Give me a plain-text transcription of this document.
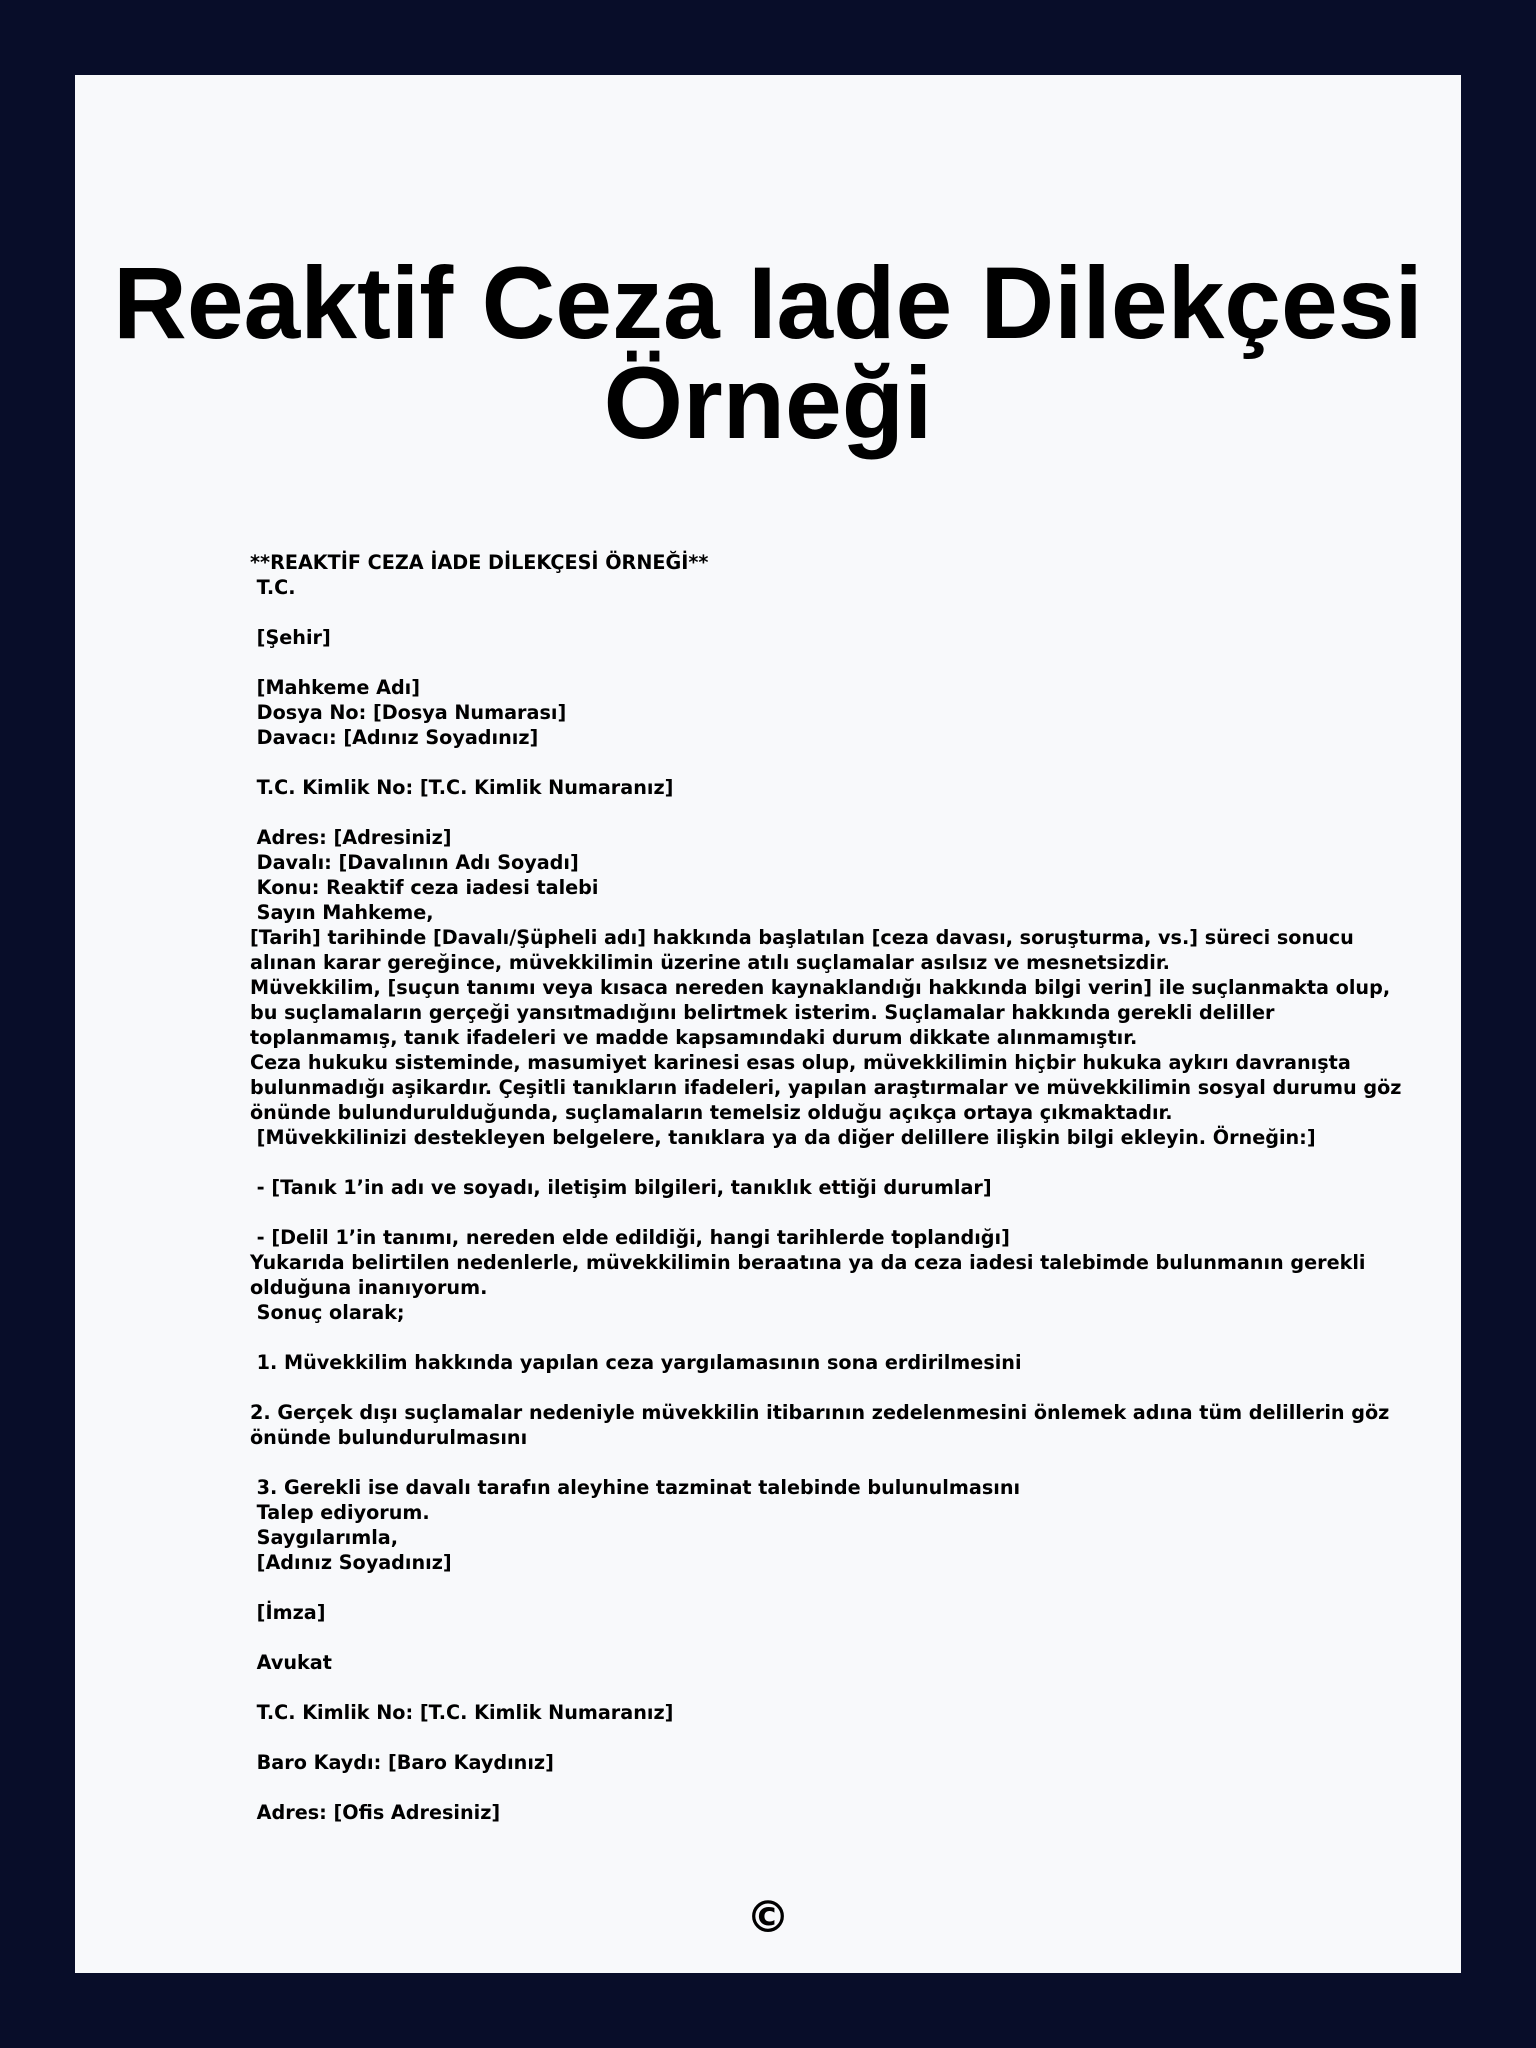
Reaktif Ceza Iade Dilekçesi Örneği
**REAKTİF CEZA İADE DİLEKÇESİ ÖRNEĞİ**
T.C.
[Şehir]
[Mahkeme Adı]
Dosya No: [Dosya Numarası]
Davacı: [Adınız Soyadınız]
T.C. Kimlik No: [T.C. Kimlik Numaranız]
Adres: [Adresiniz]
Davalı: [Davalının Adı Soyadı]
Konu: Reaktif ceza iadesi talebi
Sayın Mahkeme,
[Tarih] tarihinde [Davalı/Şüpheli adı] hakkında başlatılan [ceza davası, soruşturma, vs.] süreci sonucu
alınan karar gereğince, müvekkilimin üzerine atılı suçlamalar asılsız ve mesnetsizdir.
Müvekkilim, [suçun tanımı veya kısaca nereden kaynaklandığı hakkında bilgi verin] ile suçlanmakta olup,
bu suçlamaların gerçeği yansıtmadığını belirtmek isterim. Suçlamalar hakkında gerekli deliller
toplanmamış, tanık ifadeleri ve madde kapsamındaki durum dikkate alınmamıştır.
Ceza hukuku sisteminde, masumiyet karinesi esas olup, müvekkilimin hiçbir hukuka aykırı davranışta
bulunmadığı aşikardır. Çeşitli tanıkların ifadeleri, yapılan araştırmalar ve müvekkilimin sosyal durumu göz
önünde bulundurulduğunda, suçlamaların temelsiz olduğu açıkça ortaya çıkmaktadır.
[Müvekkilinizi destekleyen belgelere, tanıklara ya da diğer delillere ilişkin bilgi ekleyin. Örneğin:]
- [Tanık 1’in adı ve soyadı, iletişim bilgileri, tanıklık ettiği durumlar]
- [Delil 1’in tanımı, nereden elde edildiği, hangi tarihlerde toplandığı]
Yukarıda belirtilen nedenlerle, müvekkilimin beraatına ya da ceza iadesi talebimde bulunmanın gerekli
olduğuna inanıyorum.
Sonuç olarak;
1. Müvekkilim hakkında yapılan ceza yargılamasının sona erdirilmesini
2. Gerçek dışı suçlamalar nedeniyle müvekkilin itibarının zedelenmesini önlemek adına tüm delillerin göz
önünde bulundurulmasını
3. Gerekli ise davalı tarafın aleyhine tazminat talebinde bulunulmasını
Talep ediyorum.
Saygılarımla,
[Adınız Soyadınız]
[İmza]
Avukat
T.C. Kimlik No: [T.C. Kimlik Numaranız]
Baro Kaydı: [Baro Kaydınız]
Adres: [Ofis Adresiniz]
©
